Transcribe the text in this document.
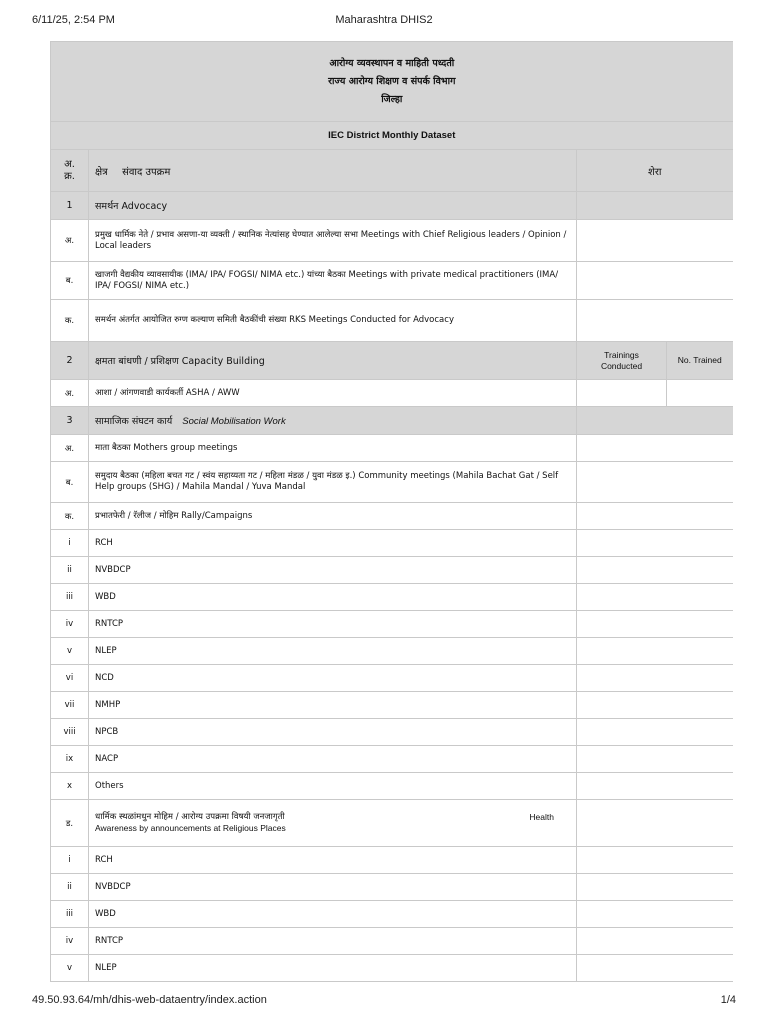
6/11/25, 2:54 PM	Maharashtra DHIS2
आरोग्य व्यवस्थापन व माहिती पध्दती
राज्य आरोग्य शिक्षण व संपर्क विभाग
जिल्हा			

IEC District Monthly Dataset			

अ.
क्र.	क्षेत्र संवाद उपक्रम	शेरा	
1	समर्थन Advocacy		
अ.	प्रमुख धार्मिक नेते / प्रभाव असणा-या व्यक्ती / स्थानिक नेत्यांसह घेण्यात आलेल्या सभा Meetings with Chief Religious leaders / Opinion / Local leaders		
ब.	खाजगी वैद्यकीय व्यावसायीक (IMA/ IPA/ FOGSI/ NIMA etc.) यांच्या बैठका Meetings with private medical practitioners (IMA/ IPA/ FOGSI/ NIMA etc.)		
क.	समर्थन अंतर्गत आयोजित रुग्ण कल्याण समिती बैठकींची संख्या RKS Meetings Conducted for Advocacy		
2	क्षमता बांधणी / प्रशिक्षण Capacity Building	Trainings Conducted	No. Trained
अ.	आशा / आंगणवाडी कार्यकर्ती ASHA / AWW		
3	सामाजिक संघटन कार्य Social Mobilisation Work		
अ.	माता बैठका Mothers group meetings		
ब.	समुदाय बैठका (महिला बचत गट / स्वंय सहाय्यता गट / महिला मंडळ / युवा मंडळ इ.) Community meetings (Mahila Bachat Gat / Self Help groups (SHG) / Mahila Mandal / Yuva Mandal		
क.	प्रभातफेरी / रॅलीज / मोहिम Rally/Campaigns		
i	RCH		
ii	NVBDCP		
iii	WBD		
iv	RNTCP		
v	NLEP		
vi	NCD		
vii	NMHP		
viii	NPCB		
ix	NACP		
x	Others		
ड.	धार्मिक स्थळांमधुन मोहिम / आरोग्य उपक्रमा विषयी जनजागृती Health
Awareness by announcements at Religious Places		

i	RCH		
ii	NVBDCP		
iii	WBD		
iv	RNTCP		
v	NLEP		
49.50.93.64/mh/dhis-web-dataentry/index.action	1/4
